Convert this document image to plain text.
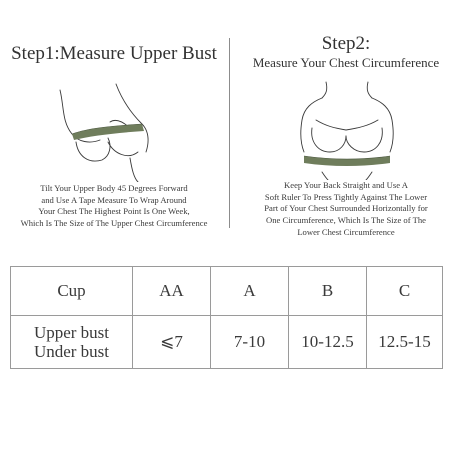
Step1:Measure Upper Bust

Tilt Your Upper Body 45 Degrees Forward
and Use A Tape Measure To Wrap Around
Your Chest The Highest Point Is One Week,
Which Is The Size of The Upper Chest Circumference

Step2:
Measure Your Chest Circumference

Keep Your Back Straight and Use A
Soft Ruler To Press Tightly Against The Lower
Part of Your Chest Surrounded Horizontally for
One Circumference, Which Is The Size of The
Lower Chest Circumference

Cup	AA	A	B	C

Upper bust
Under bust	⩽7	7-10	10-12.5	12.5-15
